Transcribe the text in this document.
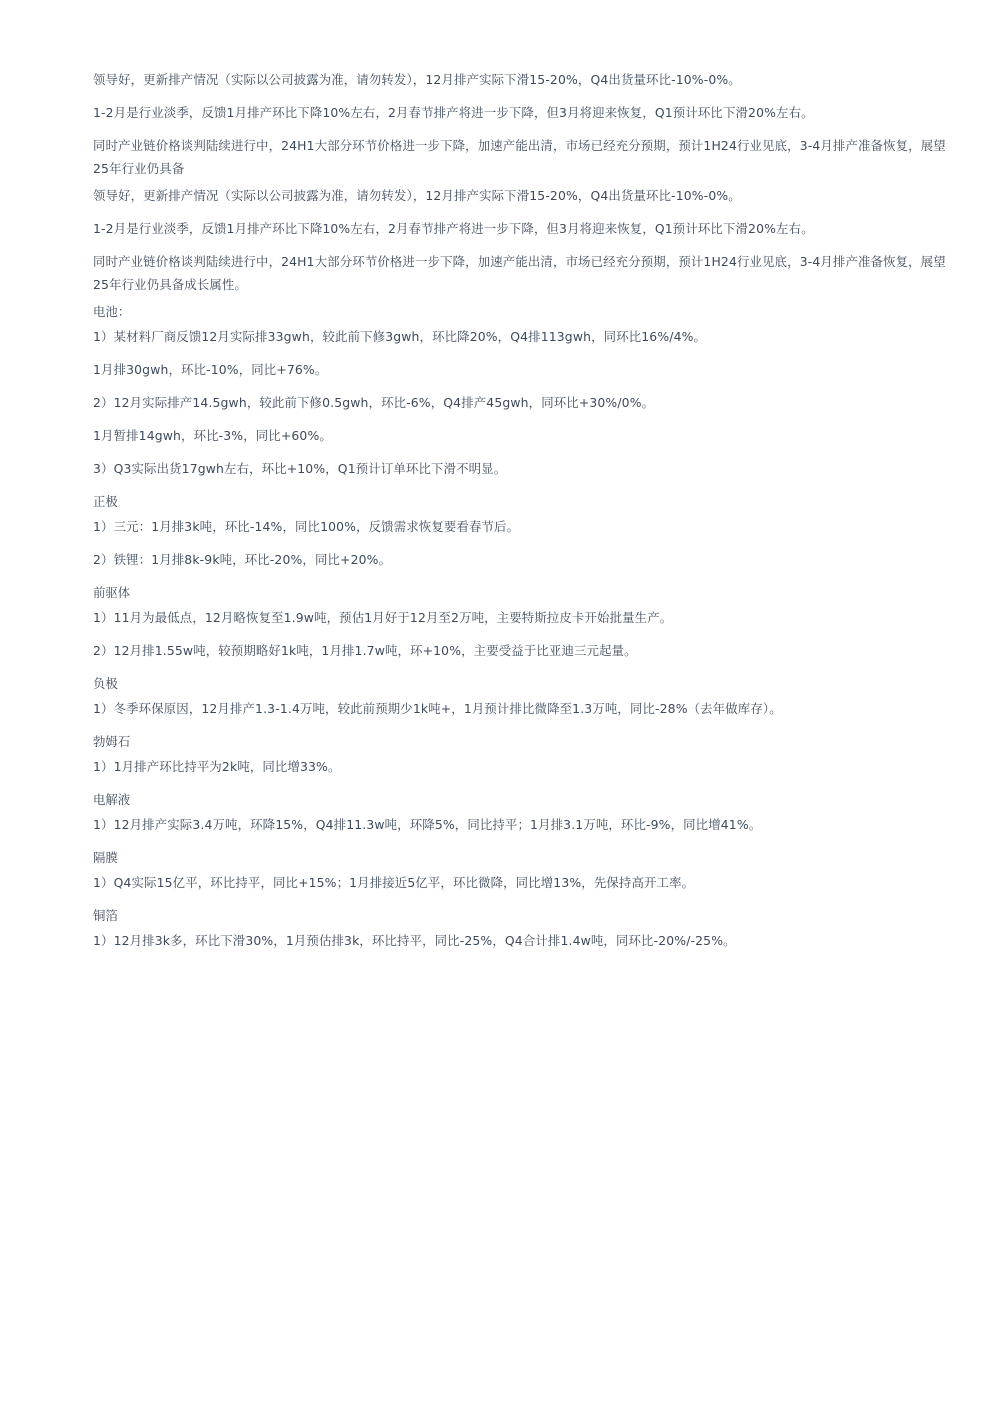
领导好，更新排产情况（实际以公司披露为准，请勿转发），12月排产实际下滑15-20%，Q4出货量环比-10%-0%。

1-2月是行业淡季，反馈1月排产环比下降10%左右，2月春节排产将进一步下降，但3月将迎来恢复，Q1预计环比下滑20%左右。

同时产业链价格谈判陆续进行中，24H1大部分环节价格进一步下降，加速产能出清，市场已经充分预期，预计1H24行业见底，3-4月排产准备恢复，展望25年行业仍具备

领导好，更新排产情况（实际以公司披露为准，请勿转发），12月排产实际下滑15-20%，Q4出货量环比-10%-0%。

1-2月是行业淡季，反馈1月排产环比下降10%左右，2月春节排产将进一步下降，但3月将迎来恢复，Q1预计环比下滑20%左右。

同时产业链价格谈判陆续进行中，24H1大部分环节价格进一步下降，加速产能出清，市场已经充分预期，预计1H24行业见底，3-4月排产准备恢复，展望25年行业仍具备成长属性。

电池：

1）某材料厂商反馈12月实际排33gwh，较此前下修3gwh，环比降20%，Q4排113gwh，同环比16%/4%。

1月排30gwh，环比-10%，同比+76%。

2）12月实际排产14.5gwh，较此前下修0.5gwh，环比-6%，Q4排产45gwh，同环比+30%/0%。

1月暂排14gwh，环比-3%，同比+60%。

3）Q3实际出货17gwh左右，环比+10%，Q1预计订单环比下滑不明显。

正极

1）三元：1月排3k吨，环比-14%，同比100%，反馈需求恢复要看春节后。

2）铁锂：1月排8k-9k吨，环比-20%，同比+20%。

前驱体

1）11月为最低点，12月略恢复至1.9w吨，预估1月好于12月至2万吨，主要特斯拉皮卡开始批量生产。

2）12月排1.55w吨，较预期略好1k吨，1月排1.7w吨，环+10%，主要受益于比亚迪三元起量。

负极

1）冬季环保原因，12月排产1.3-1.4万吨，较此前预期少1k吨+，1月预计排比微降至1.3万吨，同比-28%（去年做库存）。

勃姆石

1）1月排产环比持平为2k吨，同比增33%。

电解液

1）12月排产实际3.4万吨，环降15%，Q4排11.3w吨，环降5%，同比持平；1月排3.1万吨，环比-9%，同比增41%。

隔膜

1）Q4实际15亿平，环比持平，同比+15%；1月排接近5亿平，环比微降，同比增13%，先保持高开工率。

铜箔

1）12月排3k多，环比下滑30%，1月预估排3k，环比持平，同比-25%，Q4合计排1.4w吨，同环比-20%/-25%。
